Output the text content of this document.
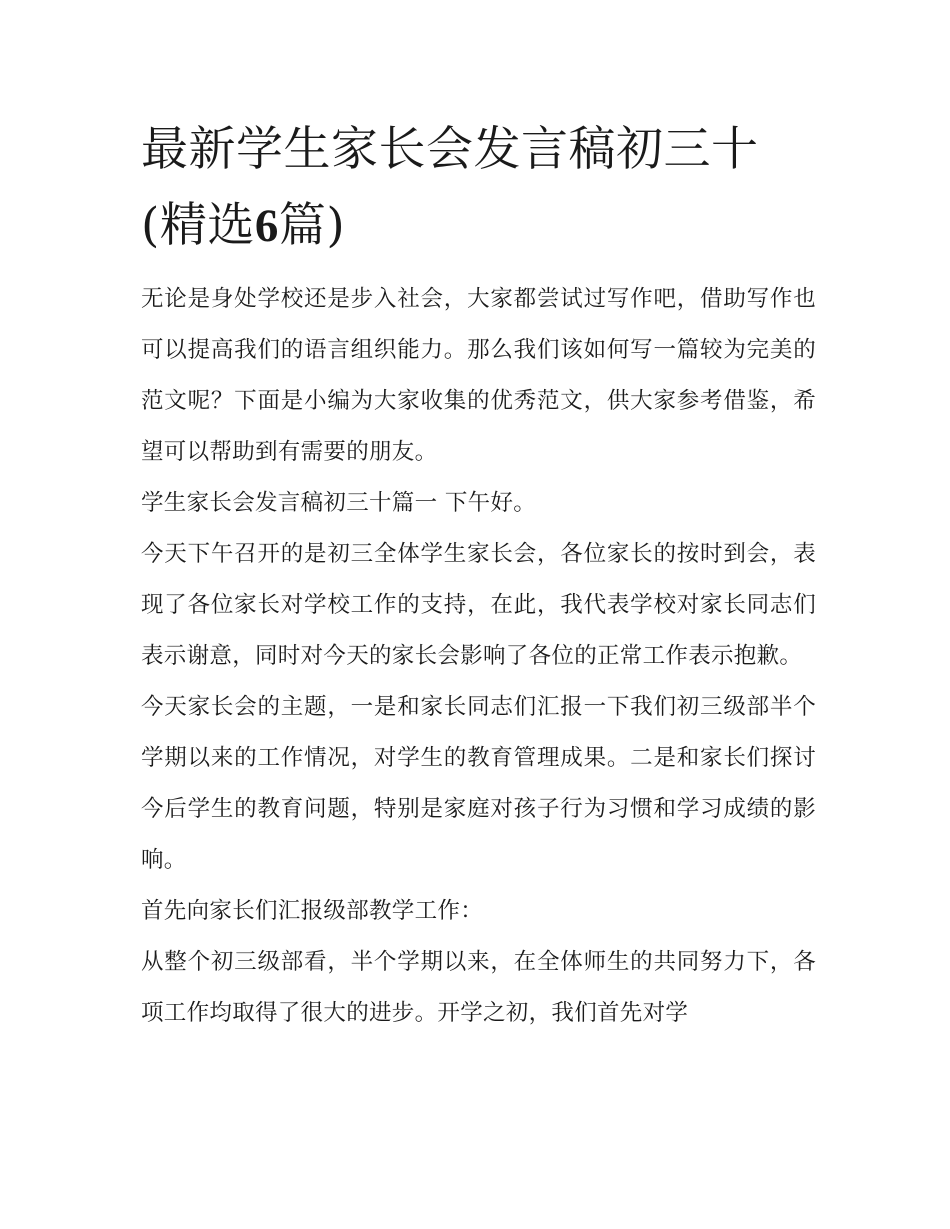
最新学生家长会发言稿初三十
(精选6篇)

无论是身处学校还是步入社会，大家都尝试过写作吧，借助写作也可以提高我们的语言组织能力。那么我们该如何写一篇较为完美的范文呢？下面是小编为大家收集的优秀范文，供大家参考借鉴，希望可以帮助到有需要的朋友。

学生家长会发言稿初三十篇一 下午好。

今天下午召开的是初三全体学生家长会，各位家长的按时到会，表现了各位家长对学校工作的支持，在此，我代表学校对家长同志们表示谢意，同时对今天的家长会影响了各位的正常工作表示抱歉。

今天家长会的主题，一是和家长同志们汇报一下我们初三级部半个学期以来的工作情况，对学生的教育管理成果。二是和家长们探讨今后学生的教育问题，特别是家庭对孩子行为习惯和学习成绩的影响。

首先向家长们汇报级部教学工作：

从整个初三级部看，半个学期以来，在全体师生的共同努力下，各项工作均取得了很大的进步。开学之初，我们首先对学
